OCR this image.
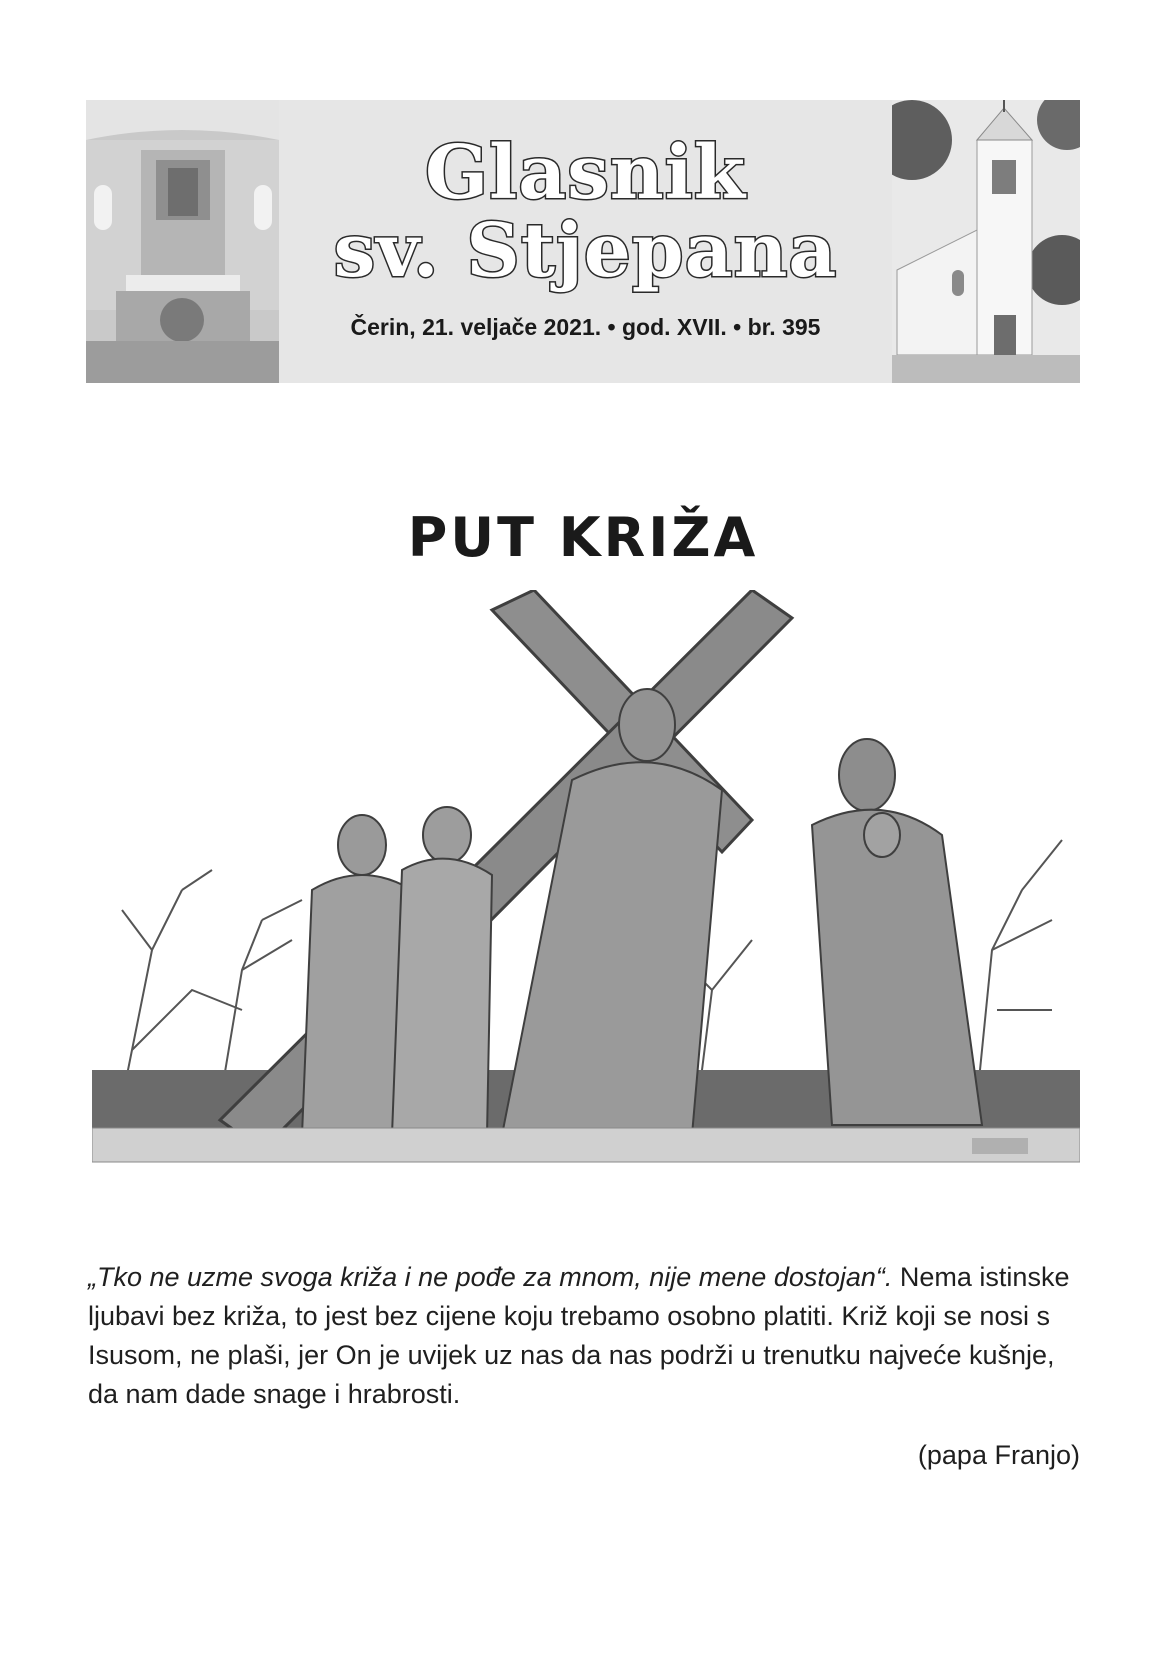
Glasnik
sv. Stjepana
Čerin, 21. veljače 2021. • god. XVII. • br. 395
PUT KRIŽA
„Tko ne uzme svoga križa i ne pođe za mnom, nije mene dostojan“. Nema istinske ljubavi bez križa, to jest bez cijene koju trebamo osobno platiti. Križ koji se nosi s Isusom, ne plaši, jer On je uvijek uz nas da nas podrži u trenutku najveće kušnje, da nam dade snage i hrabrosti.
(papa Franjo)
